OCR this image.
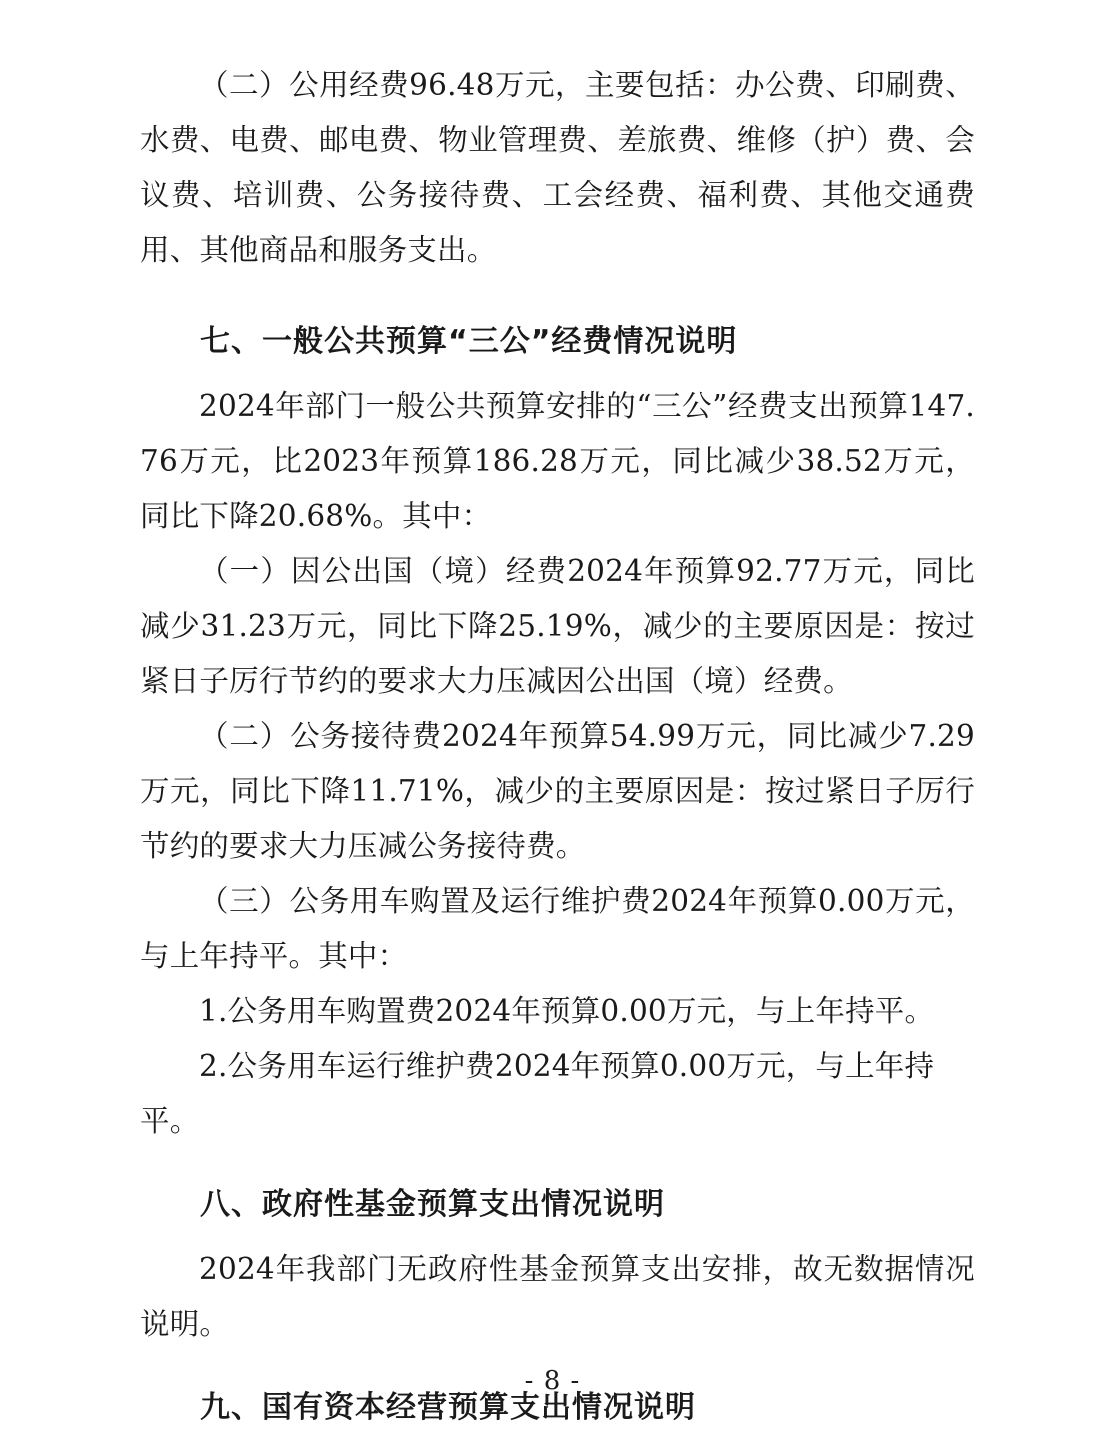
（二）公用经费96.48万元，主要包括：办公费、印刷费、水费、电费、邮电费、物业管理费、差旅费、维修（护）费、会议费、培训费、公务接待费、工会经费、福利费、其他交通费用、其他商品和服务支出。

七、一般公共预算“三公”经费情况说明

2024年部门一般公共预算安排的“三公”经费支出预算147.76万元，比2023年预算186.28万元，同比减少38.52万元，同比下降20.68%。其中：

（一）因公出国（境）经费2024年预算92.77万元，同比减少31.23万元，同比下降25.19%，减少的主要原因是：按过紧日子厉行节约的要求大力压减因公出国（境）经费。

（二）公务接待费2024年预算54.99万元，同比减少7.29万元，同比下降11.71%，减少的主要原因是：按过紧日子厉行节约的要求大力压减公务接待费。

（三）公务用车购置及运行维护费2024年预算0.00万元，与上年持平。其中：

1.公务用车购置费2024年预算0.00万元，与上年持平。

2.公务用车运行维护费2024年预算0.00万元，与上年持平。

八、政府性基金预算支出情况说明

2024年我部门无政府性基金预算支出安排，故无数据情况说明。

九、国有资本经营预算支出情况说明
- 8 -
